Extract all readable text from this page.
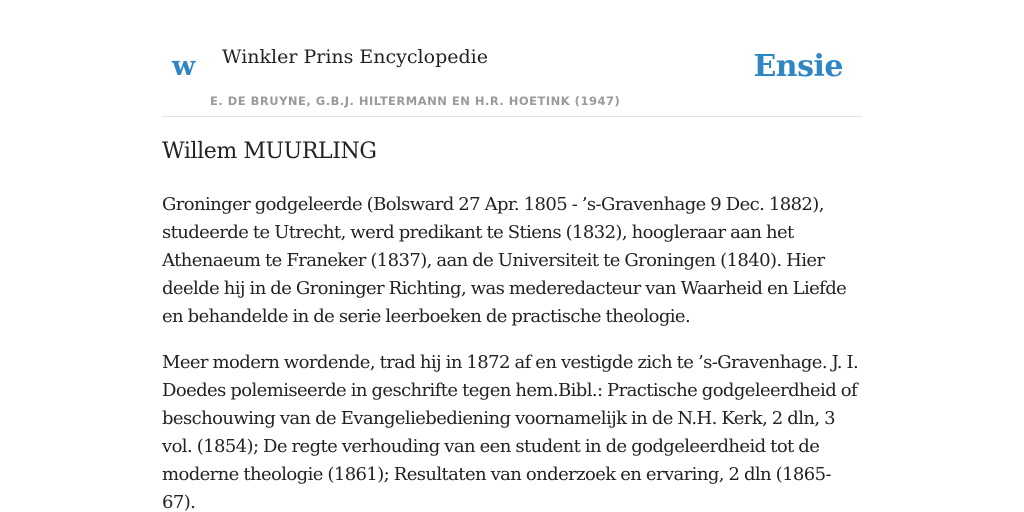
w Winkler Prins Encyclopedie
E. DE BRUYNE, G.B.J. HILTERMANN EN H.R. HOETINK (1947)
Ensie
Willem MUURLING

Groninger godgeleerde (Bolsward 27 Apr. 1805 - ’s-Gravenhage 9 Dec. 1882), studeerde te Utrecht, werd predikant te Stiens (1832), hoogleraar aan het Athenaeum te Franeker (1837), aan de Universiteit te Groningen (1840). Hier deelde hij in de Groninger Richting, was mederedacteur van Waarheid en Liefde en behandelde in de serie leerboeken de practische theologie.

Meer modern wordende, trad hij in 1872 af en vestigde zich te ’s-Gravenhage. J. I. Doedes polemiseerde in geschrifte tegen hem.Bibl.: Practische godgeleerdheid of beschouwing van de Evangeliebediening voornamelijk in de N.H. Kerk, 2 dln, 3 vol. (1854); De regte verhouding van een student in de godgeleerdheid tot de moderne theologie (1861); Resultaten van onderzoek en ervaring, 2 dln (1865-67).
